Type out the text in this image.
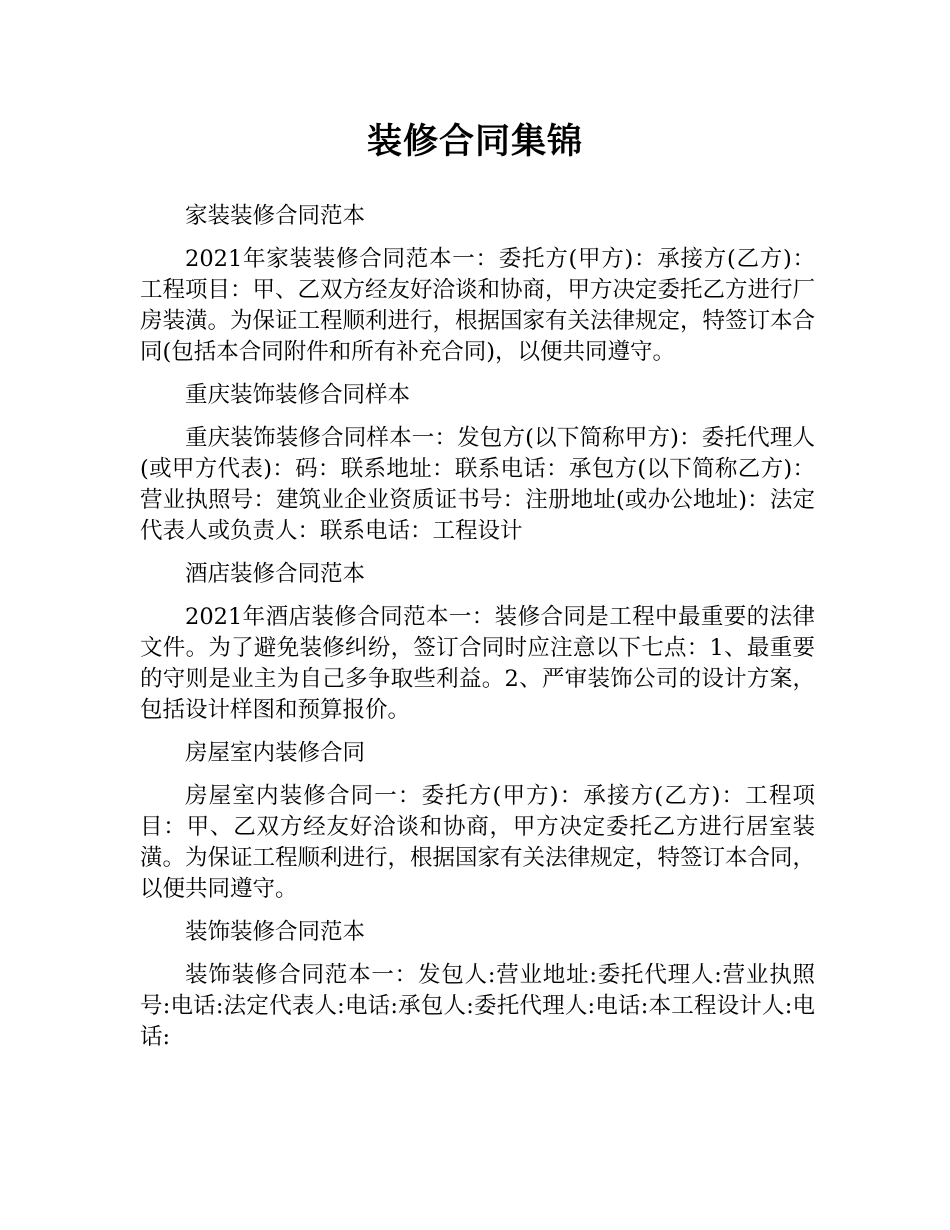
装修合同集锦

家装装修合同范本

2021年家装装修合同范本一：委托方(甲方)：承接方(乙方)：工程项目：甲、乙双方经友好洽谈和协商，甲方决定委托乙方进行厂房装潢。为保证工程顺利进行，根据国家有关法律规定，特签订本合同(包括本合同附件和所有补充合同)，以便共同遵守。

重庆装饰装修合同样本

重庆装饰装修合同样本一：发包方(以下简称甲方)：委托代理人(或甲方代表)：码：联系地址：联系电话：承包方(以下简称乙方)：营业执照号：建筑业企业资质证书号：注册地址(或办公地址)：法定代表人或负责人：联系电话：工程设计

酒店装修合同范本

2021年酒店装修合同范本一：装修合同是工程中最重要的法律文件。为了避免装修纠纷，签订合同时应注意以下七点：1、最重要的守则是业主为自己多争取些利益。2、严审装饰公司的设计方案，包括设计样图和预算报价。

房屋室内装修合同

房屋室内装修合同一：委托方(甲方)：承接方(乙方)：工程项目：甲、乙双方经友好洽谈和协商，甲方决定委托乙方进行居室装潢。为保证工程顺利进行，根据国家有关法律规定，特签订本合同，以便共同遵守。

装饰装修合同范本

装饰装修合同范本一：发包人:营业地址:委托代理人:营业执照号:电话:法定代表人:电话:承包人:委托代理人:电话:本工程设计人:电话:
